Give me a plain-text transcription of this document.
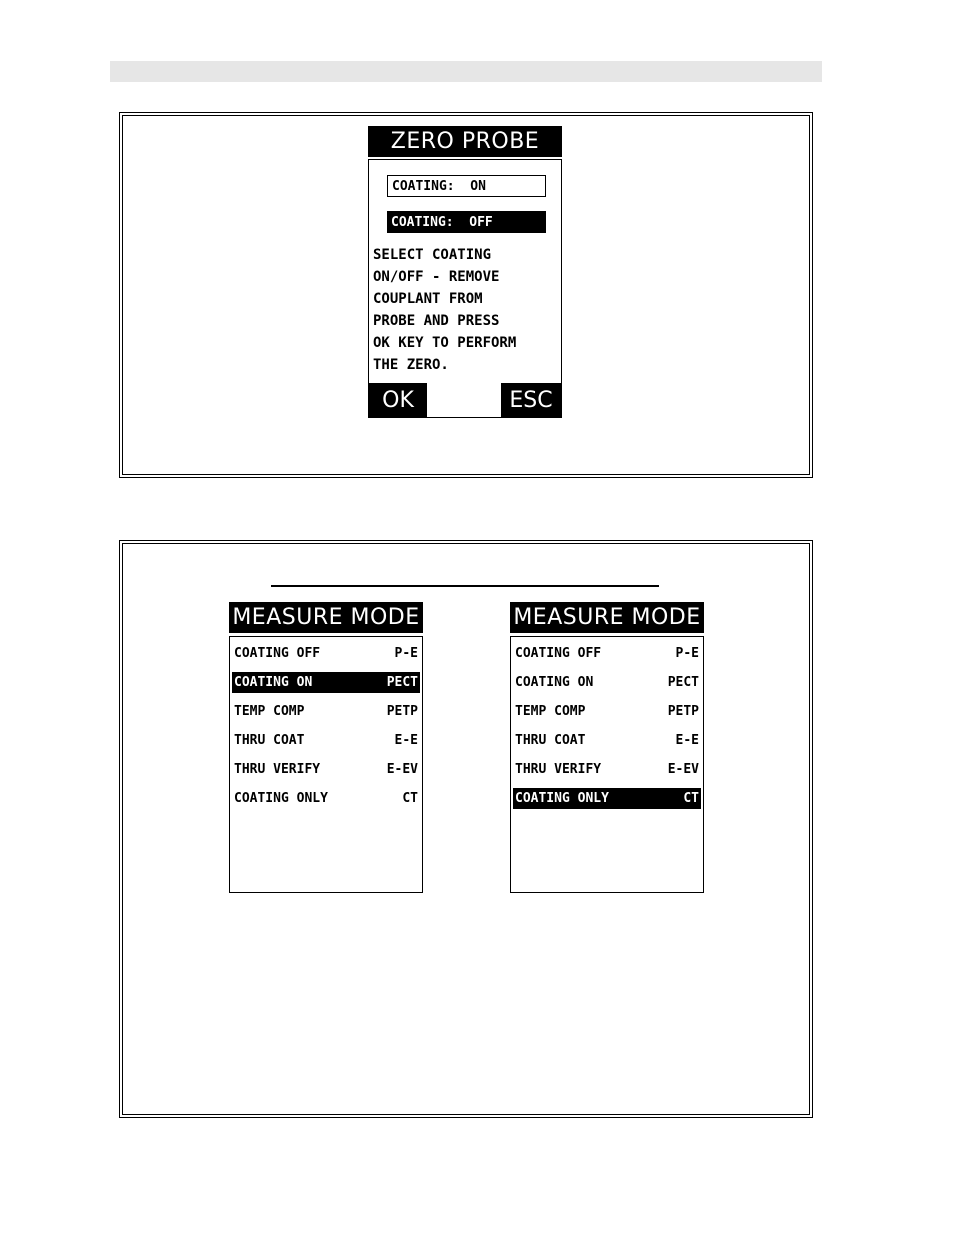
ZERO PROBE
COATING:  ON
COATING:  OFF
SELECT COATING
ON/OFF - REMOVE
COUPLANT FROM
PROBE AND PRESS
OK KEY TO PERFORM
THE ZERO.
OK	ESC
MEASURE MODE
COATING OFF	P-E
COATING ON	PECT
TEMP COMP	PETP
THRU COAT	E-E
THRU VERIFY	E-EV
COATING ONLY	CT
MEASURE MODE
COATING OFF	P-E
COATING ON	PECT
TEMP COMP	PETP
THRU COAT	E-E
THRU VERIFY	E-EV
COATING ONLY	CT
